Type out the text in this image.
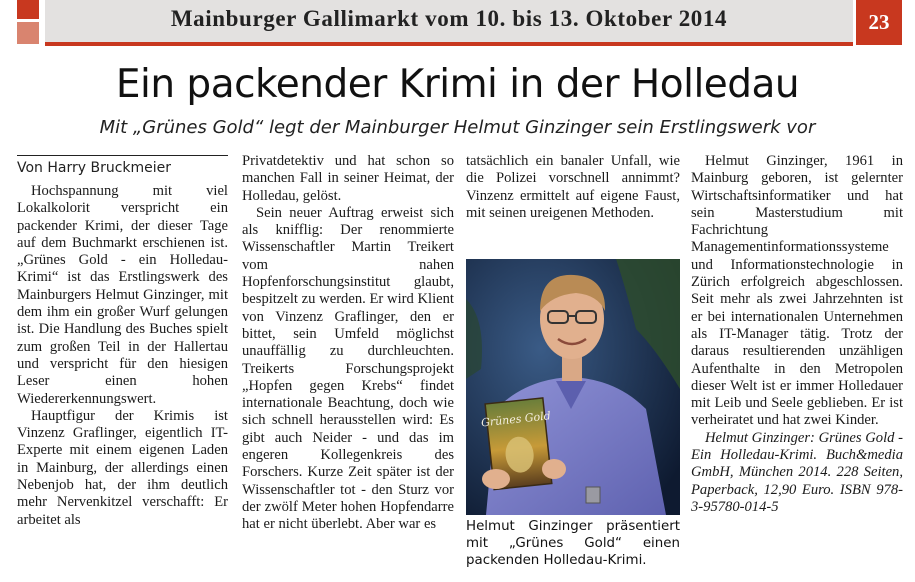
Mainburger Gallimarkt vom 10. bis 13. Oktober 2014	23
Ein packender Krimi in der Holledau
Mit „Grünes Gold“ legt der Mainburger Helmut Ginzinger sein Erstlingswerk vor
Von Harry Bruckmeier

Hochspannung mit viel Lokalkolorit verspricht ein packender Krimi, der dieser Tage auf dem Buchmarkt erschienen ist. „Grünes Gold - ein Holledau-Krimi“ ist das Erstlingswerk des Mainburgers Helmut Ginzinger, mit dem ihm ein großer Wurf gelungen ist. Die Handlung des Buches spielt zum großen Teil in der Hallertau und verspricht für den hiesigen Leser einen hohen Wiedererkennungswert.

Hauptfigur der Krimis ist Vinzenz Graflinger, eigentlich IT-Experte mit einem eigenen Laden in Mainburg, der allerdings einen Nebenjob hat, der ihm deutlich mehr Nervenkitzel verschafft: Er arbeitet als

Privatdetektiv und hat schon so manchen Fall in seiner Heimat, der Holledau, gelöst.

Sein neuer Auftrag erweist sich als knifflig: Der renommierte Wissenschaftler Martin Treikert vom nahen Hopfenforschungsinstitut glaubt, bespitzelt zu werden. Er wird Klient von Vinzenz Graflinger, den er bittet, sein Umfeld möglichst unauffällig zu durchleuchten. Treikerts Forschungsprojekt „Hopfen gegen Krebs“ findet internationale Beachtung, doch wie sich schnell herausstellen wird: Es gibt auch Neider - und das im engeren Kollegenkreis des Forschers. Kurze Zeit später ist der Wissenschaftler tot - den Sturz vor der zwölf Meter hohen Hopfendarre hat er nicht überlebt. Aber war es

tatsächlich ein banaler Unfall, wie die Polizei vorschnell annimmt? Vinzenz ermittelt auf eigene Faust, mit seinen ureigenen Methoden.

Grünes Gold
Helmut Ginzinger präsentiert mit „Grünes Gold“ einen packenden Holledau-Krimi.

Helmut Ginzinger, 1961 in Mainburg geboren, ist gelernter Wirtschaftsinformatiker und hat sein Masterstudium mit Fachrichtung Managementinformationssysteme und Informationstechnologie in Zürich erfolgreich abgeschlossen. Seit mehr als zwei Jahrzehnten ist er bei internationalen Unternehmen als IT-Manager tätig. Trotz der daraus resultierenden unzähligen Aufenthalte in den Metropolen dieser Welt ist er immer Holledauer mit Leib und Seele geblieben. Er ist verheiratet und hat zwei Kinder.

Helmut Ginzinger: Grünes Gold - Ein Holledau-Krimi. Buch&media GmbH, München 2014. 228 Seiten, Paperback, 12,90 Euro. ISBN 978-3-95780-014-5
